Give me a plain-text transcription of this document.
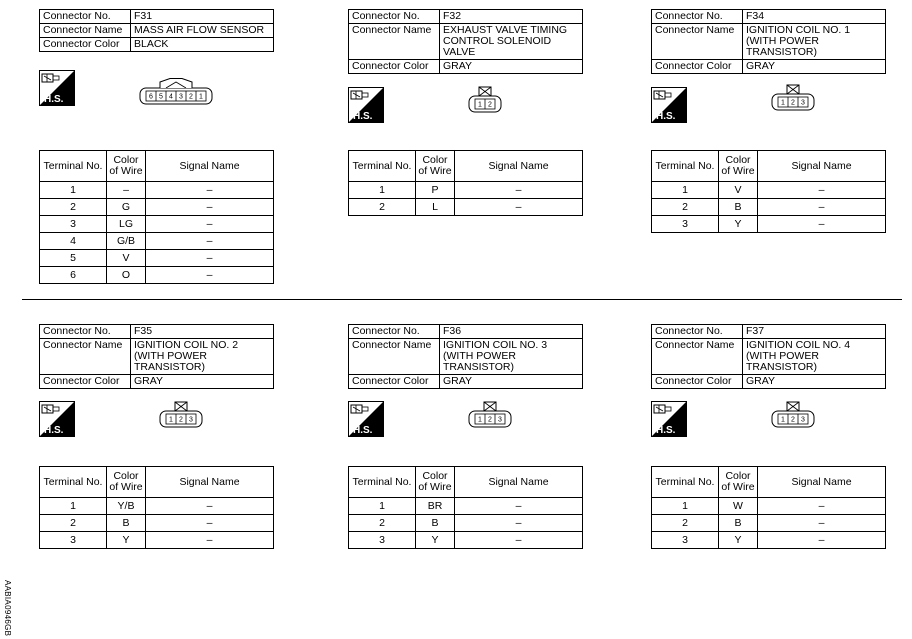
Connector No.	F31
Connector Name	MASS AIR FLOW SENSOR
Connector Color	BLACK
H.S.	6 5 4 3 2 1
Terminal No.	Color of Wire	Signal Name
1	–	–
2	G	–
3	LG	–
4	G/B	–
5	V	–
6	O	–
Connector No.	F32
Connector Name	EXHAUST VALVE TIMING CONTROL SOLENOID VALVE
Connector Color	GRAY
H.S.
1 2
Terminal No.	Color of Wire	Signal Name
1	P	–
2	L	–
Connector No.	F34
Connector Name	IGNITION COIL NO. 1 (WITH POWER TRANSISTOR)
Connector Color	GRAY
H.S.
1 2 3
Terminal No.	Color of Wire	Signal Name
1	V	–
2	B	–
3	Y	–
Connector No.	F35
Connector Name	IGNITION COIL NO. 2 (WITH POWER TRANSISTOR)
Connector Color	GRAY
H.S.
1 2 3
Terminal No.	Color of Wire	Signal Name
1	Y/B	–
2	B	–
3	Y	–
Connector No.	F36
Connector Name	IGNITION COIL NO. 3 (WITH POWER TRANSISTOR)
Connector Color	GRAY
H.S.
1 2 3
Terminal No.	Color of Wire	Signal Name
1	BR	–
2	B	–
3	Y	–
Connector No.	F37
Connector Name	IGNITION COIL NO. 4 (WITH POWER TRANSISTOR)
Connector Color	GRAY
H.S.
1 2 3
Terminal No.	Color of Wire	Signal Name
1	W	–
2	B	–
3	Y	–
AABIA0946GB
